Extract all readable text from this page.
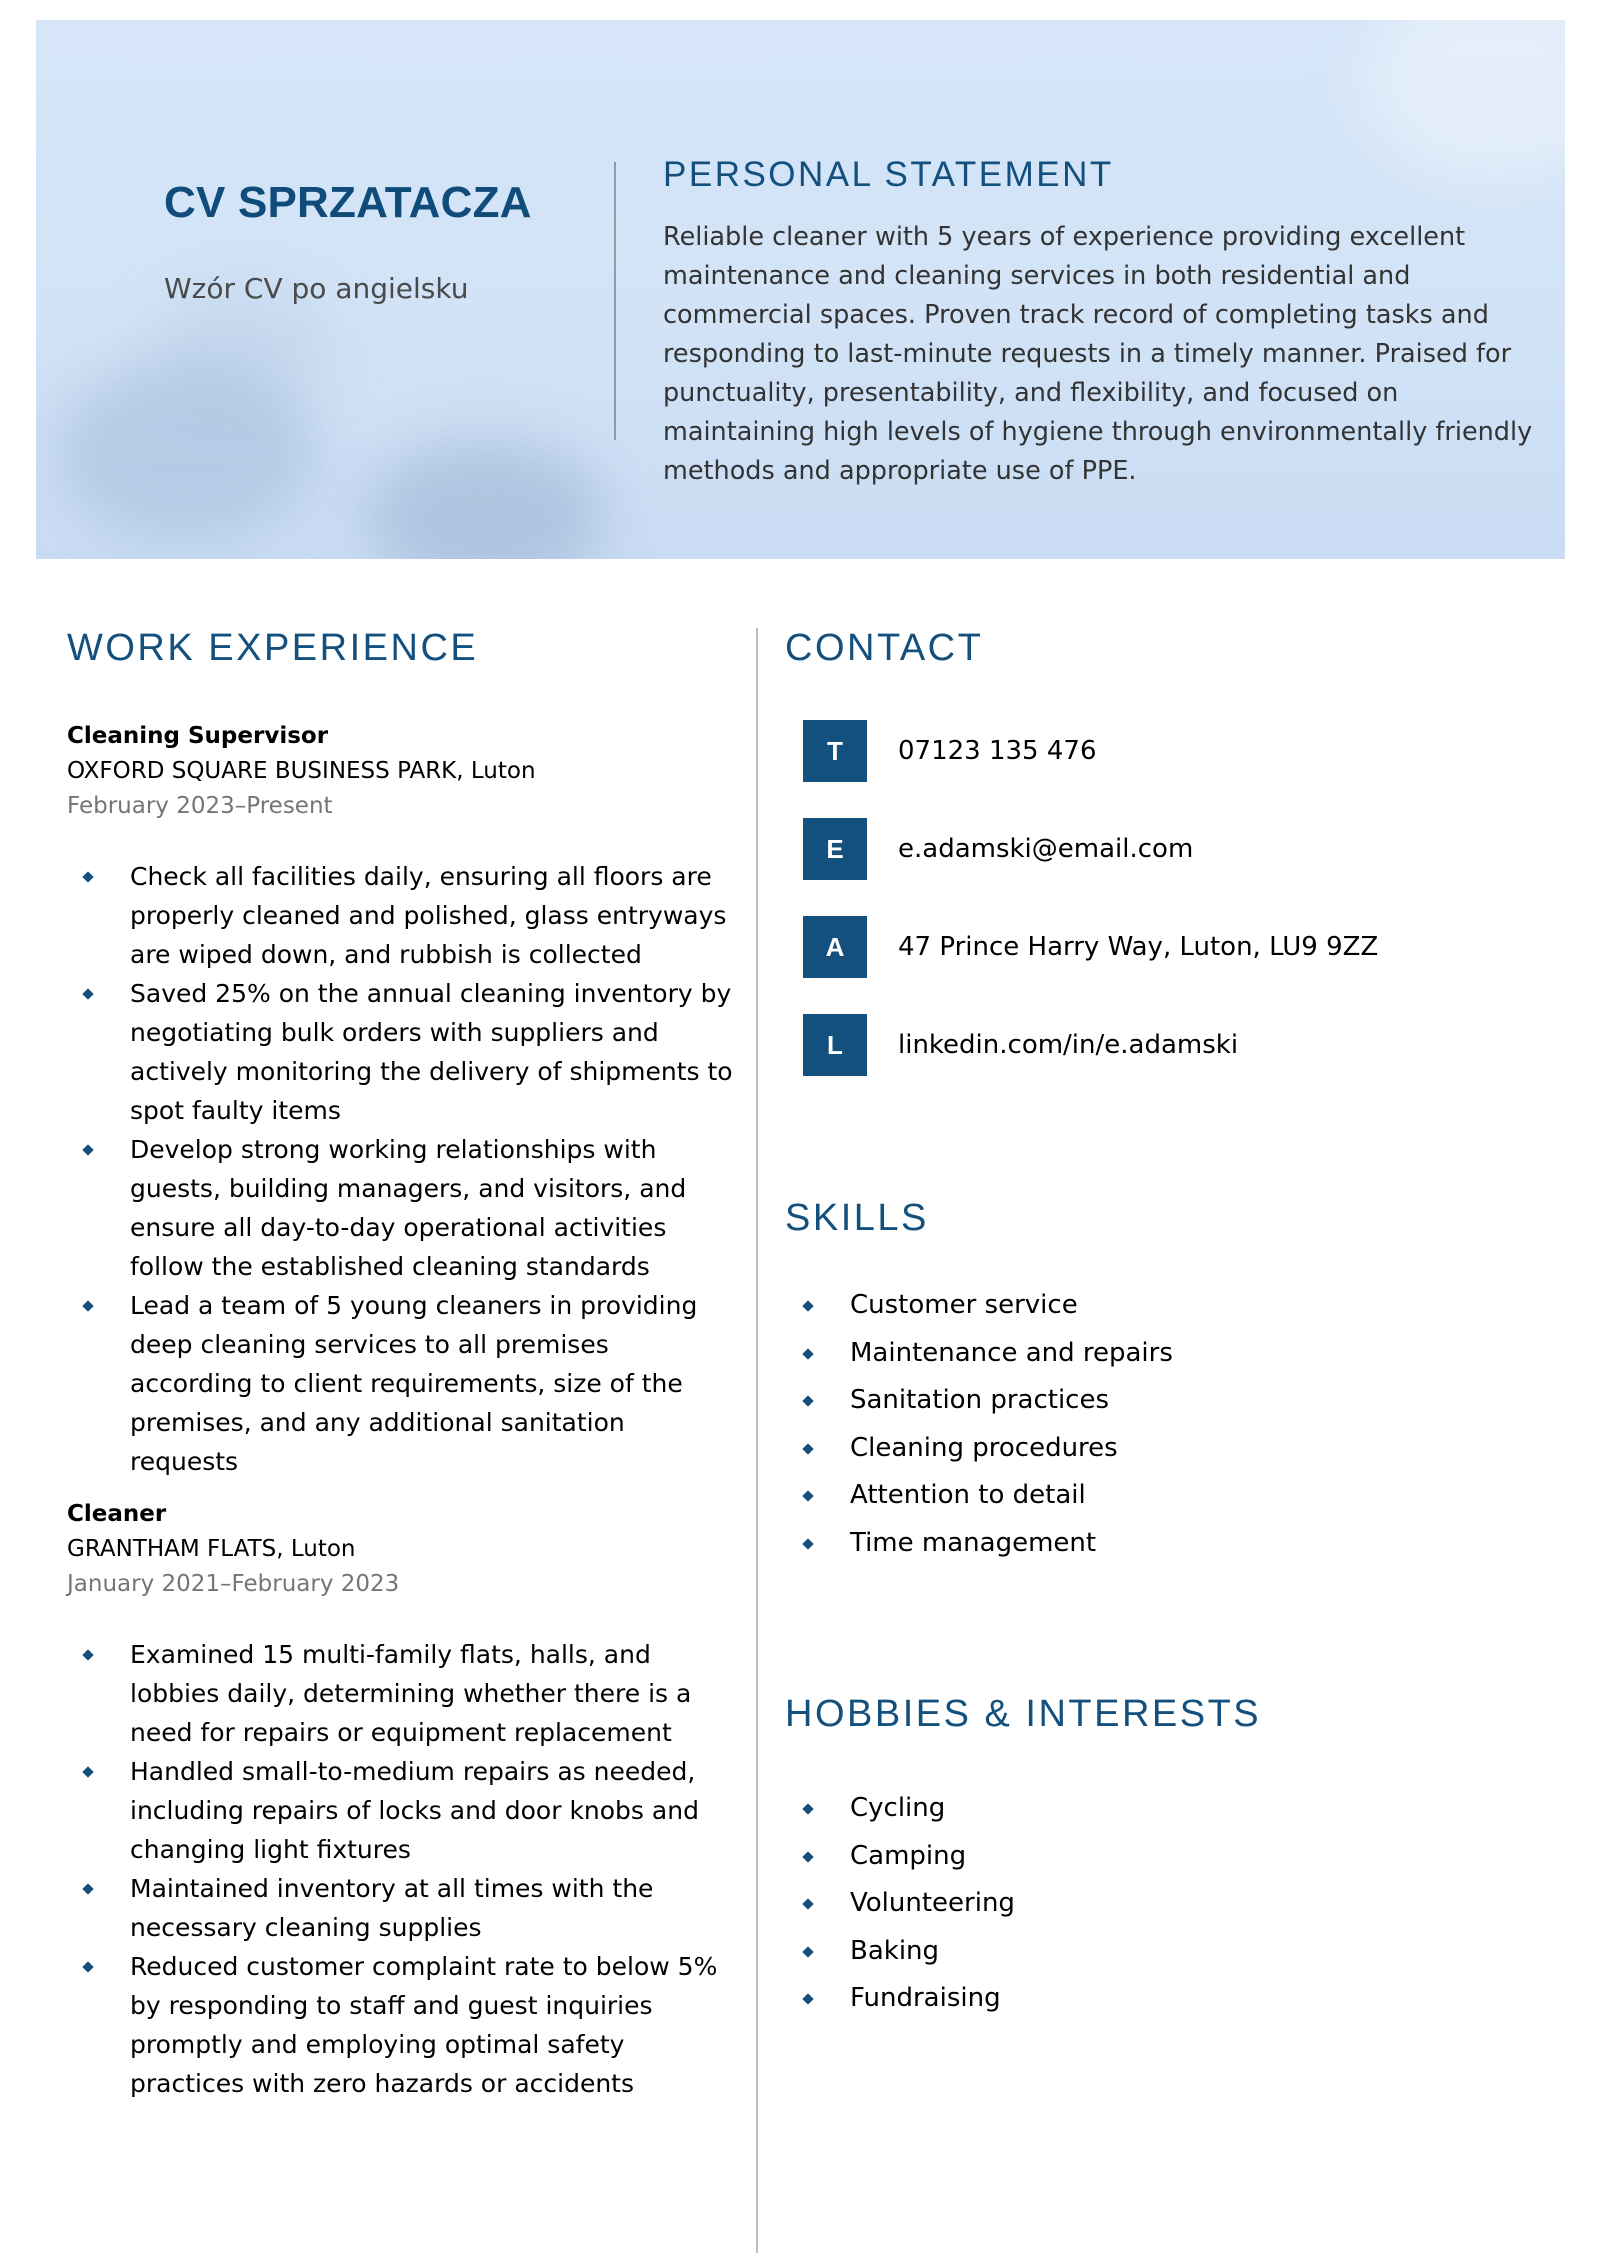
CV SPRZATACZA
Wzór CV po angielsku
PERSONAL STATEMENT

Reliable cleaner with 5 years of experience providing excellent maintenance and cleaning services in both residential and commercial spaces. Proven track record of completing tasks and responding to last-minute requests in a timely manner. Praised for punctuality, presentability, and flexibility, and focused on maintaining high levels of hygiene through environmentally friendly methods and appropriate use of PPE.

WORK EXPERIENCE
Cleaning Supervisor
OXFORD SQUARE BUSINESS PARK, Luton
February 2023–Present
Check all facilities daily, ensuring all floors are properly cleaned and polished, glass entryways are wiped down, and rubbish is collected
Saved 25% on the annual cleaning inventory by negotiating bulk orders with suppliers and actively monitoring the delivery of shipments to spot faulty items
Develop strong working relationships with guests, building managers, and visitors, and ensure all day-to-day operational activities follow the established cleaning standards
Lead a team of 5 young cleaners in providing deep cleaning services to all premises according to client requirements, size of the premises, and any additional sanitation requests
Cleaner
GRANTHAM FLATS, Luton
January 2021–February 2023
Examined 15 multi-family flats, halls, and lobbies daily, determining whether there is a need for repairs or equipment replacement
Handled small-to-medium repairs as needed, including repairs of locks and door knobs and changing light fixtures
Maintained inventory at all times with the necessary cleaning supplies
Reduced customer complaint rate to below 5% by responding to staff and guest inquiries promptly and employing optimal safety practices with zero hazards or accidents
CONTACT
T	07123 135 476
E	e.adamski@email.com
A	47 Prince Harry Way, Luton, LU9 9ZZ
L	linkedin.com/in/e.adamski
SKILLS
Customer service
Maintenance and repairs
Sanitation practices
Cleaning procedures
Attention to detail
Time management
HOBBIES & INTERESTS
Cycling
Camping
Volunteering
Baking
Fundraising
